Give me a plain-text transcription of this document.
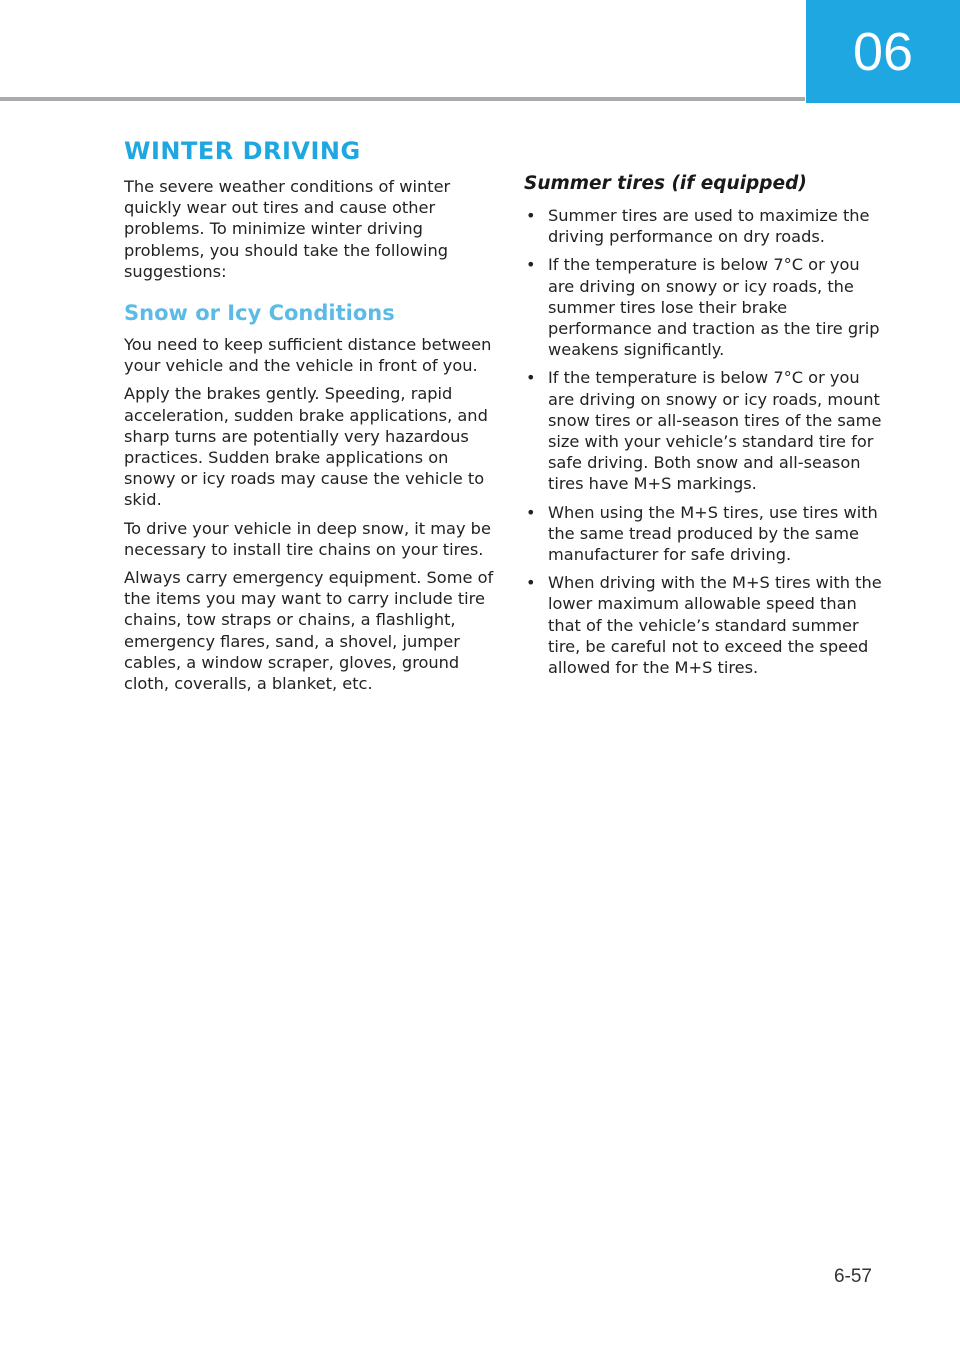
06
WINTER DRIVING

The severe weather conditions of winter quickly wear out tires and cause other problems. To minimize winter driving problems, you should take the following suggestions:

Snow or Icy Conditions

You need to keep sufficient distance between your vehicle and the vehicle in front of you.

Apply the brakes gently. Speeding, rapid acceleration, sudden brake applications, and sharp turns are potentially very hazardous practices. Sudden brake applications on snowy or icy roads may cause the vehicle to skid.

To drive your vehicle in deep snow, it may be necessary to install tire chains on your tires.

Always carry emergency equipment. Some of the items you may want to carry include tire chains, tow straps or chains, a flashlight, emergency flares, sand, a shovel, jumper cables, a window scraper, gloves, ground cloth, coveralls, a blanket, etc.

Summer tires (if equipped)
• Summer tires are used to maximize the driving performance on dry roads.
• If the temperature is below 7°C or you are driving on snowy or icy roads, the summer tires lose their brake performance and traction as the tire grip weakens significantly.
• If the temperature is below 7°C or you are driving on snowy or icy roads, mount snow tires or all-season tires of the same size with your vehicle’s standard tire for safe driving. Both snow and all-season tires have M+S markings.
• When using the M+S tires, use tires with the same tread produced by the same manufacturer for safe driving.
• When driving with the M+S tires with the lower maximum allowable speed than that of the vehicle’s standard summer tire, be careful not to exceed the speed allowed for the M+S tires.
6-57
